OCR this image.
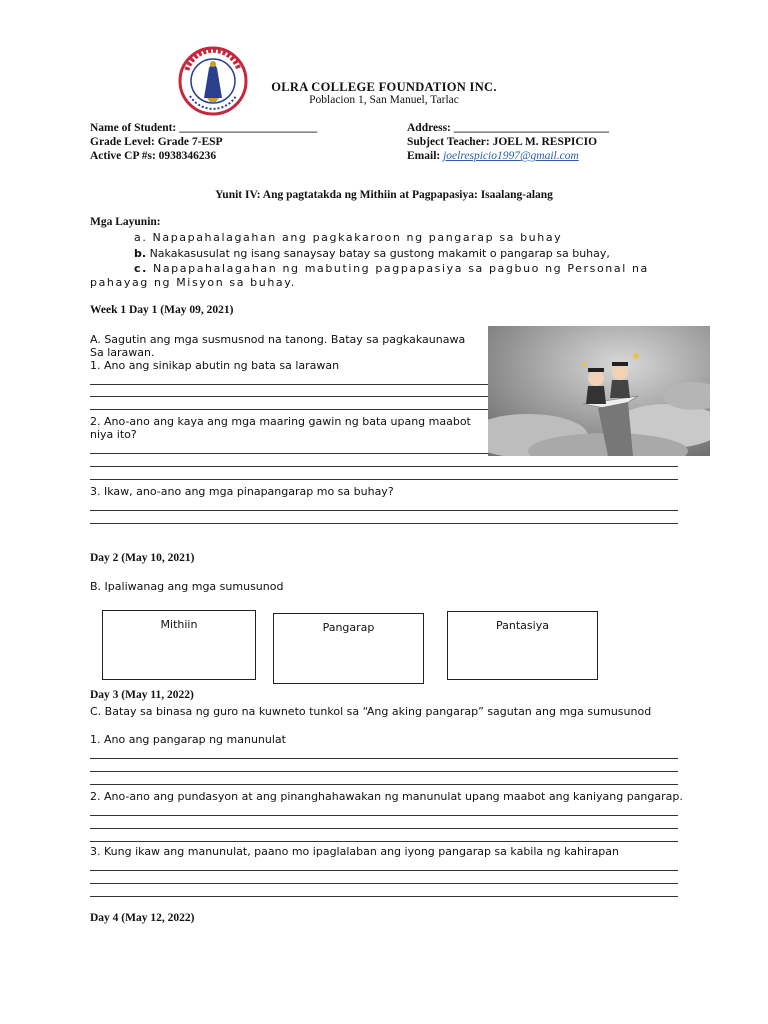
OLRA COLLEGE FOUNDATION INC.
Poblacion 1, San Manuel, Tarlac
Name of Student: ________________________
Grade Level: Grade 7-ESP
Active CP #s: 0938346236
Address: ___________________________
Subject Teacher: JOEL M. RESPICIO
Email: joelrespicio1997@gmail.com
Yunit IV: Ang pagtatakda ng Mithiin at Pagpapasiya: Isaalang-alang
Mga Layunin:
a. Napapahalagahan ang pagkakaroon ng pangarap sa buhay
b. Nakakasusulat ng isang sanaysay batay sa gustong makamit o pangarap sa buhay,
c. Napapahalagahan ng mabuting pagpapasiya sa pagbuo ng Personal na
pahayag ng Misyon sa buhay.
Week 1 Day 1 (May 09, 2021)
A. Sagutin ang mga susmusnod na tanong. Batay sa pagkakaunawa
Sa larawan.
1. Ano ang sinikap abutin ng bata sa larawan
2. Ano-ano ang kaya ang mga maaring gawin ng bata upang maabot
niya ito?
3. Ikaw, ano-ano ang mga pinapangarap mo sa buhay?
Day 2 (May 10, 2021)
B. Ipaliwanag ang mga sumusunod
Mithiin	Pangarap	Pantasiya
Day 3 (May 11, 2022)
C. Batay sa binasa ng guro na kuwneto tunkol sa “Ang aking pangarap” sagutan ang mga sumusunod
1. Ano ang pangarap ng manunulat
2. Ano-ano ang pundasyon at ang pinanghahawakan ng manunulat upang maabot ang kaniyang pangarap.
3. Kung ikaw ang manunulat, paano mo ipaglalaban ang iyong pangarap sa kabila ng kahirapan
Day 4 (May 12, 2022)
